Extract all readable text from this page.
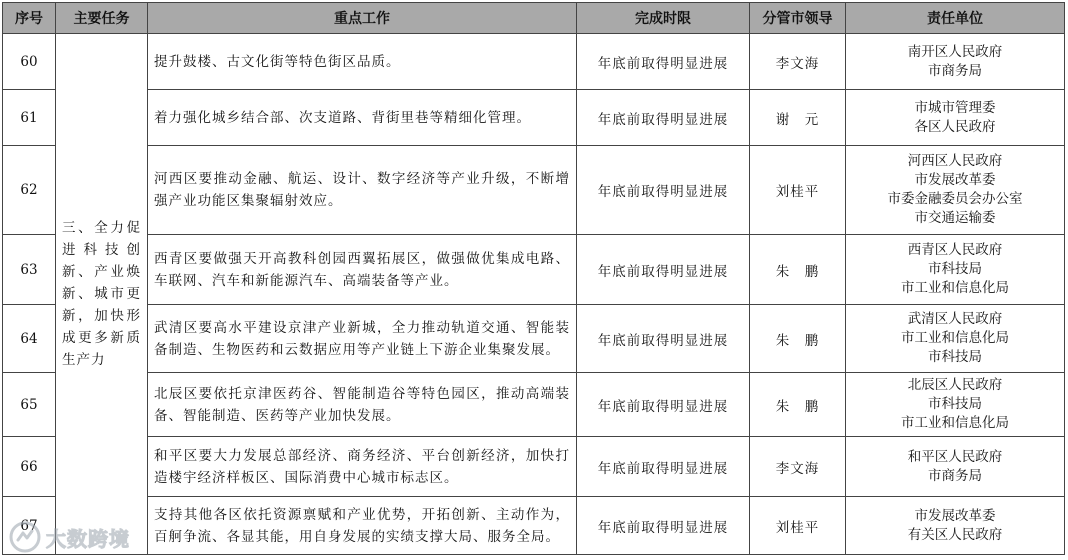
序号	主要任务	重点工作	完成时限	分管市领导	责任单位
60	三、全力促进科技创新、产业焕新、城市更新，加快形成更多新质生产力	提升鼓楼、古文化街等特色街区品质。	年底前取得明显进展	李文海	南开区人民政府
市商务局

61		着力强化城乡结合部、次支道路、背街里巷等精细化管理。	年底前取得明显进展	谢　元	市城市管理委
各区人民政府

62		河西区要推动金融、航运、设计、数字经济等产业升级，不断增强产业功能区集聚辐射效应。	年底前取得明显进展	刘桂平	河西区人民政府
市发展改革委
市委金融委员会办公室
市交通运输委

63		西青区要做强天开高教科创园西翼拓展区，做强做优集成电路、车联网、汽车和新能源汽车、高端装备等产业。	年底前取得明显进展	朱　鹏	西青区人民政府
市科技局
市工业和信息化局

64		武清区要高水平建设京津产业新城，全力推动轨道交通、智能装备制造、生物医药和云数据应用等产业链上下游企业集聚发展。	年底前取得明显进展	朱　鹏	武清区人民政府
市工业和信息化局
市科技局

65		北辰区要依托京津医药谷、智能制造谷等特色园区，推动高端装备、智能制造、医药等产业加快发展。	年底前取得明显进展	朱　鹏	北辰区人民政府
市科技局
市工业和信息化局

66		和平区要大力发展总部经济、商务经济、平台创新经济，加快打造楼宇经济样板区、国际消费中心城市标志区。	年底前取得明显进展	李文海	和平区人民政府
市商务局

67		支持其他各区依托资源禀赋和产业优势，开拓创新、主动作为，百舸争流、各显其能，用自身发展的实绩支撑大局、服务全局。	年底前取得明显进展	刘桂平	市发展改革委
有关区人民政府
大数跨境
